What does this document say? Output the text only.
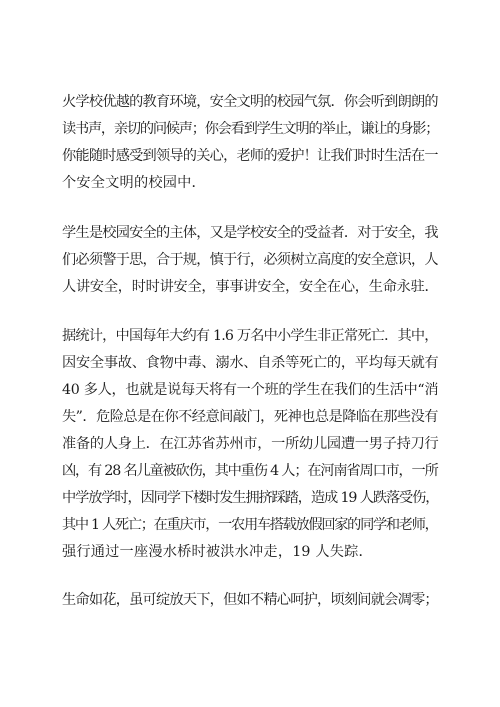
火学校优越的教育环境，安全文明的校园气氛．你会听到朗朗的
读书声，亲切的问候声；你会看到学生文明的举止，谦让的身影；
你能随时感受到领导的关心，老师的爱护！让我们时时生活在一
个安全文明的校园中．
学生是校园安全的主体，又是学校安全的受益者．对于安全，我
们必须警于思，合于规，慎于行，必须树立高度的安全意识，人
人讲安全，时时讲安全，事事讲安全，安全在心，生命永驻．
据统计，中国每年大约有 1.6 万名中小学生非正常死亡．其中，
因安全事故、食物中毒、溺水、自杀等死亡的，平均每天就有
40 多人，也就是说每天将有一个班的学生在我们的生活中“消
失”．危险总是在你不经意间敲门，死神也总是降临在那些没有
准备的人身上．在江苏省苏州市，一所幼儿园遭一男子持刀行
凶，有 28 名儿童被砍伤，其中重伤 4 人；在河南省周口市，一所
中学放学时，因同学下楼时发生拥挤踩踏，造成 19 人跌落受伤，
其中 1 人死亡；在重庆市，一农用车搭载放假回家的同学和老师，
强行通过一座漫水桥时被洪水冲走，19 人失踪．
生命如花，虽可绽放天下，但如不精心呵护，顷刻间就会凋零；
